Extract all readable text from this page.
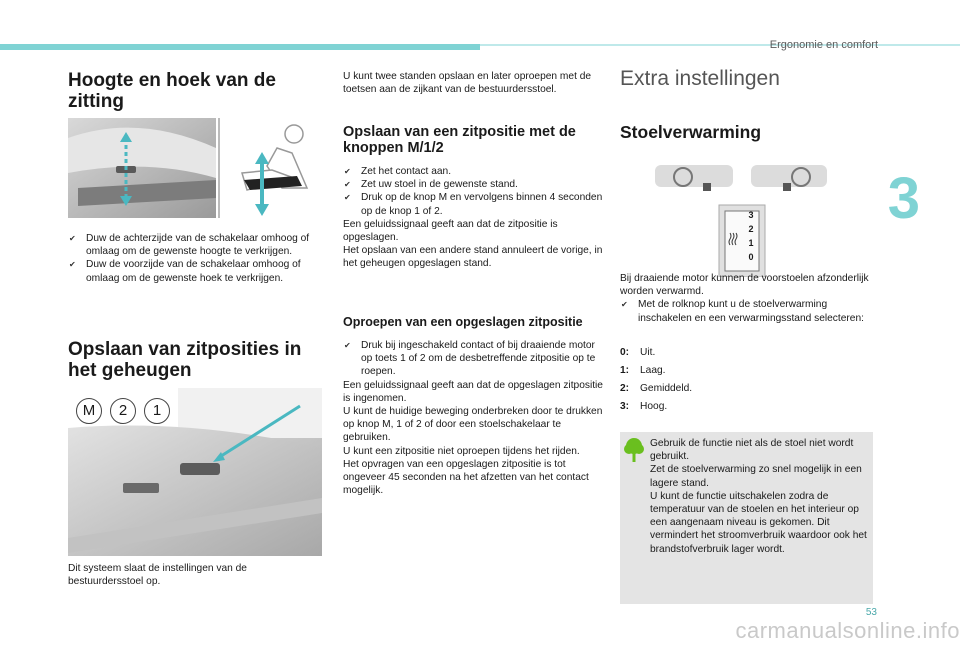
Ergonomie en comfort
3
Hoogte en hoek van de zitting
✔ Duw de achterzijde van de schakelaar omhoog of omlaag om de gewenste hoogte te verkrijgen.
✔ Duw de voorzijde van de schakelaar omhoog of omlaag om de gewenste hoek te verkrijgen.
Opslaan van zitposities in het geheugen
M	2	1
Dit systeem slaat de instellingen van de bestuurdersstoel op.
U kunt twee standen opslaan en later oproepen met de toetsen aan de zijkant van de bestuurdersstoel.
Opslaan van een zitpositie met de knoppen M/1/2
✔ Zet het contact aan.
✔ Zet uw stoel in de gewenste stand.
✔ Druk op de knop M en vervolgens binnen 4 seconden op de knop 1 of 2.
Een geluidssignaal geeft aan dat de zitpositie is opgeslagen.
Het opslaan van een andere stand annuleert de vorige, in het geheugen opgeslagen stand.
Oproepen van een opgeslagen zitpositie
✔ Druk bij ingeschakeld contact of bij draaiende motor op toets 1 of 2 om de desbetreffende zitpositie op te roepen.
Een geluidssignaal geeft aan dat de opgeslagen zitpositie is ingenomen.
U kunt de huidige beweging onderbreken door te drukken op knop M, 1 of 2 of door een stoelschakelaar te gebruiken.
U kunt een zitpositie niet oproepen tijdens het rijden.
Het opvragen van een opgeslagen zitpositie is tot ongeveer 45 seconden na het afzetten van het contact mogelijk.
Extra instellingen
Stoelverwarming
3
2
1
0
Bij draaiende motor kunnen de voorstoelen afzonderlijk worden verwarmd.
✔ Met de rolknop kunt u de stoelverwarming inschakelen en een verwarmingsstand selecteren:
0: Uit.
1: Laag.
2: Gemiddeld.
3: Hoog.
Gebruik de functie niet als de stoel niet wordt gebruikt.
Zet de stoelverwarming zo snel mogelijk in een lagere stand.
U kunt de functie uitschakelen zodra de temperatuur van de stoelen en het interieur op een aangenaam niveau is gekomen. Dit vermindert het stroomverbruik waardoor ook het brandstofverbruik lager wordt.
53
carmanualsonline.info
